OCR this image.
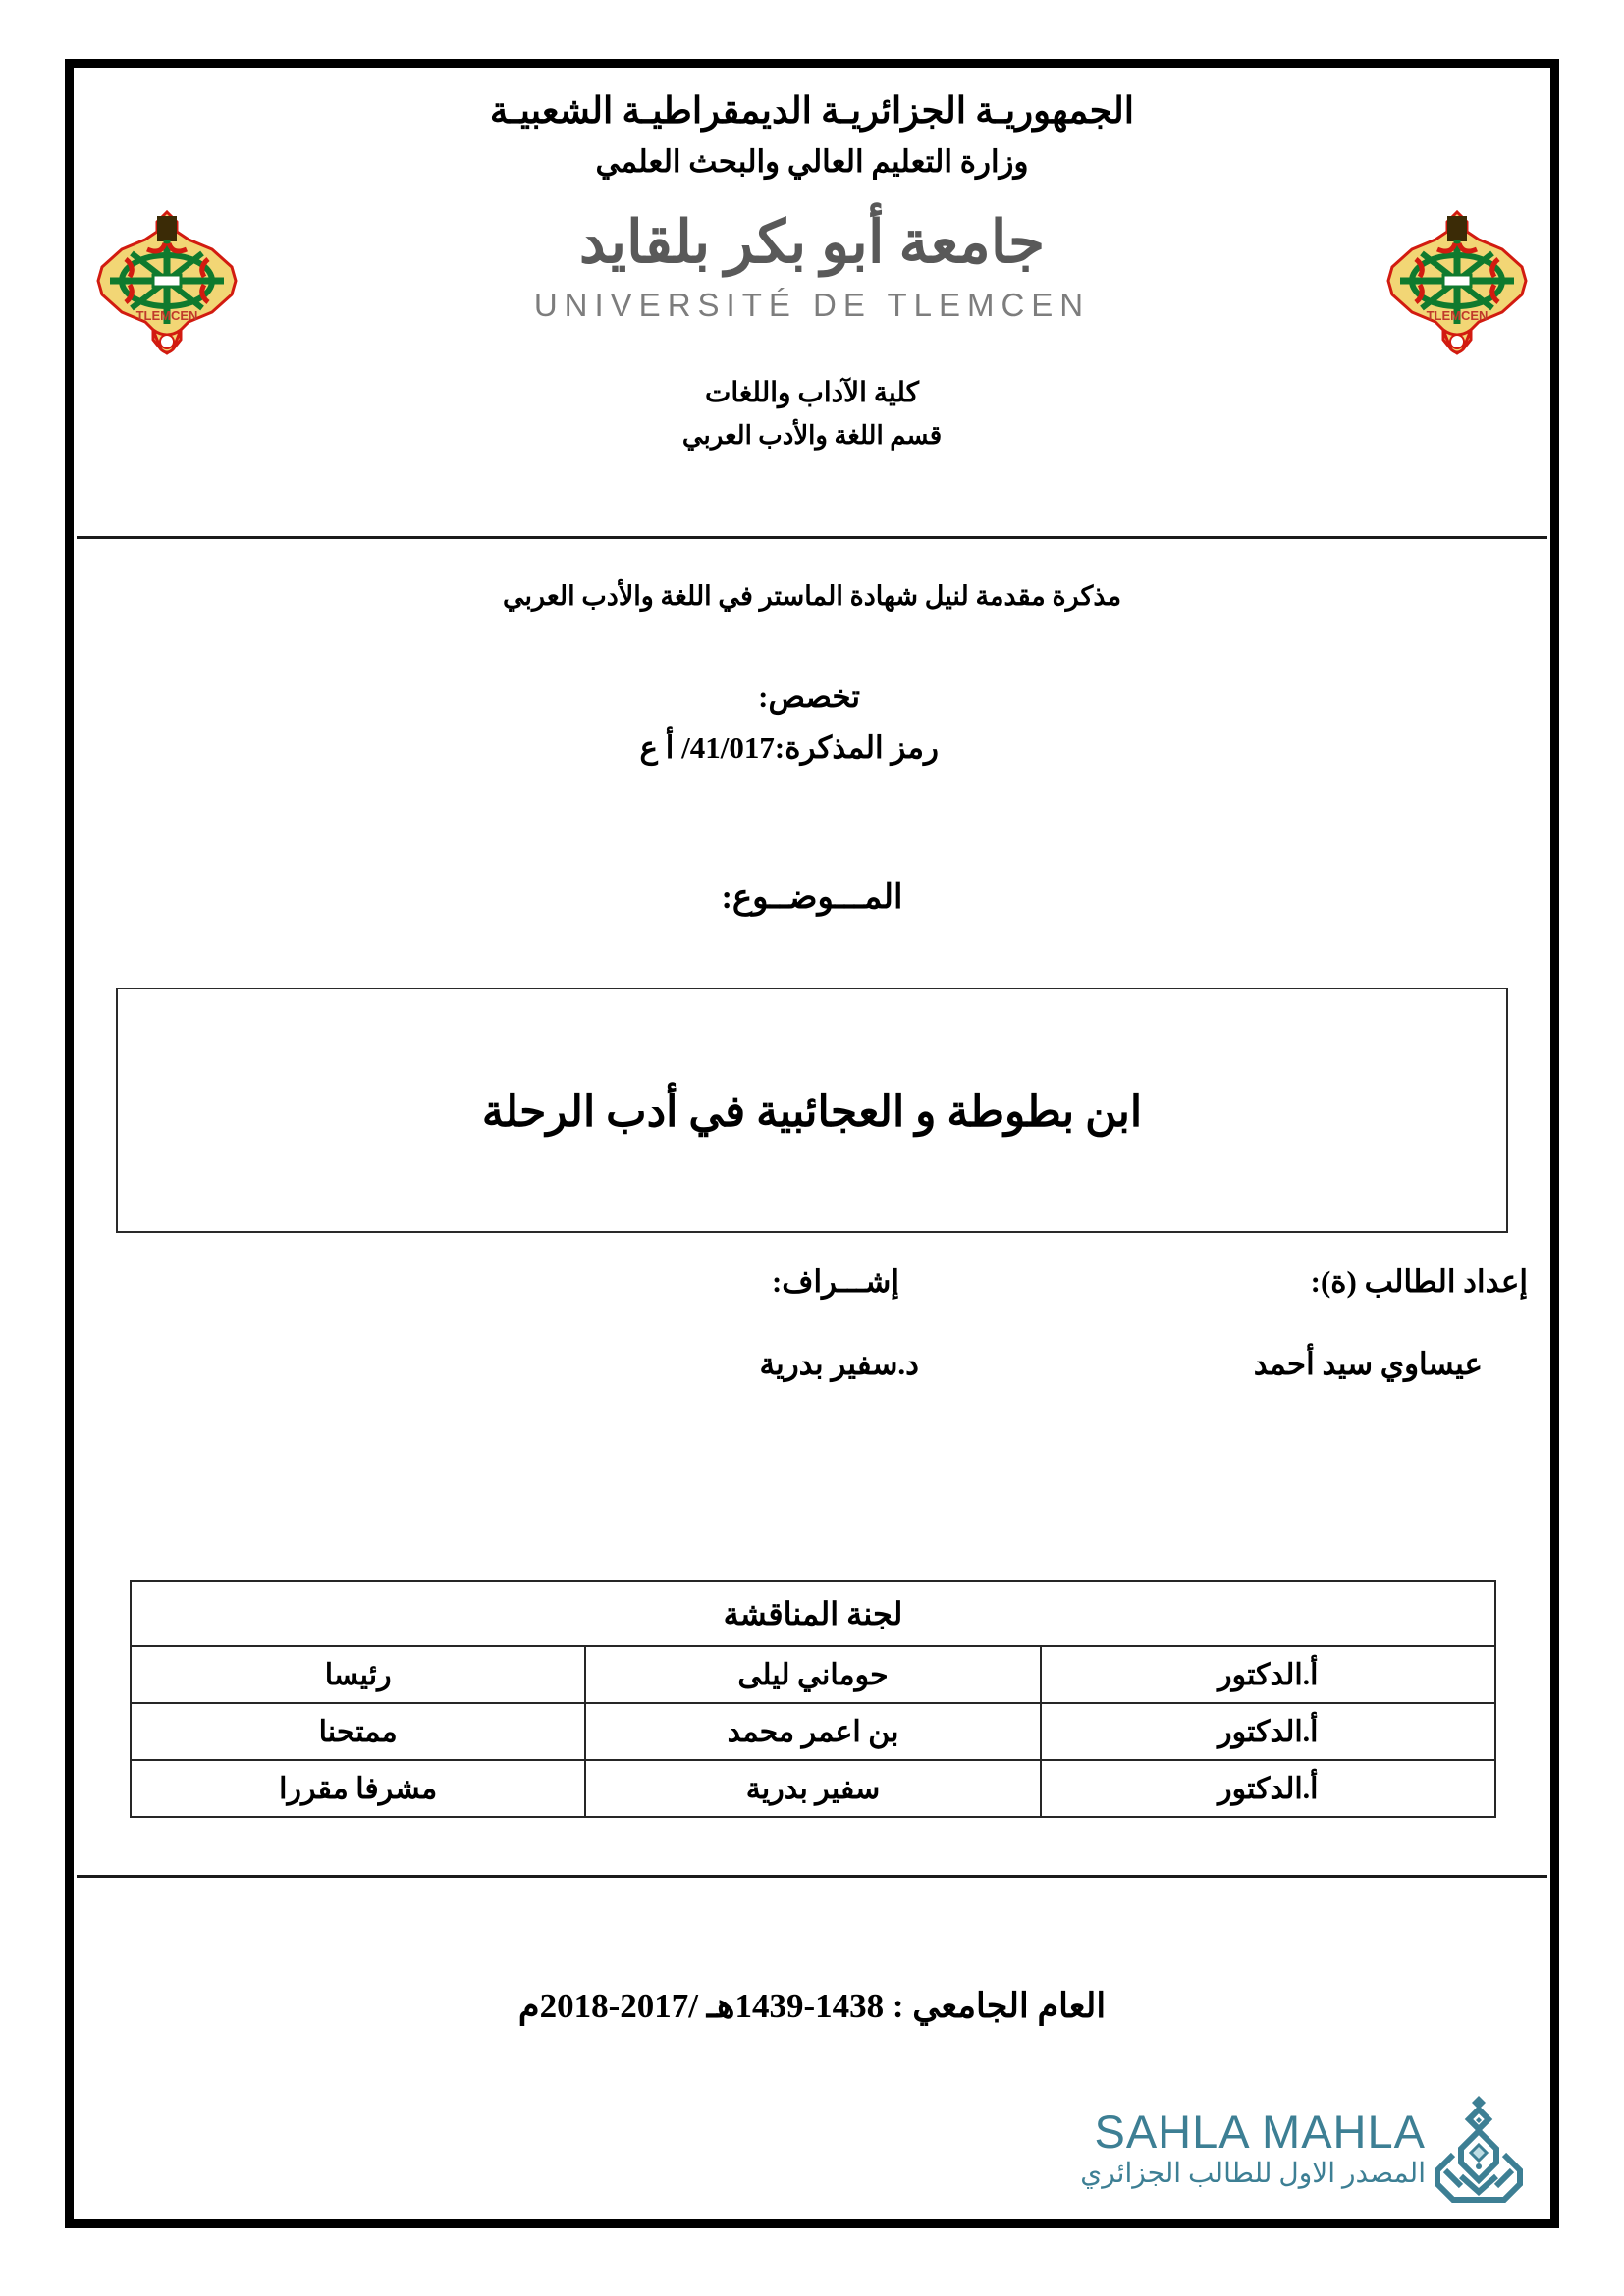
الجمهوريـة الجزائريـة الديمقراطيـة الشعبيـة
وزارة التعليم العالي والبحث العلمي
TLEMCEN
جامعة أبو بكر بلقايد
UNIVERSITÉ DE TLEMCEN	TLEMCEN
كلية الآداب واللغات
قسم اللغة والأدب العربي
مذكرة مقدمة لنيل شهادة الماستر في اللغة والأدب العربي
تخصص:
رمز المذكرة:41/017/ أ ع
المـــوضــوع:
ابن بطوطة و العجائبية في أدب الرحلة
إعداد الطالب (ة):
إشـــراف:
عيساوي سيد أحمد
د.سفير بدرية
لجنة المناقشة		
أ.الدكتور	حوماني ليلى	رئيسا
أ.الدكتور	بن اعمر محمد	ممتحنا
أ.الدكتور	سفير بدرية	مشرفا مقررا
العام الجامعي : 1438-1439هـ /2017-2018م
SAHLA MAHLA
المصدر الاول للطالب الجزائري
